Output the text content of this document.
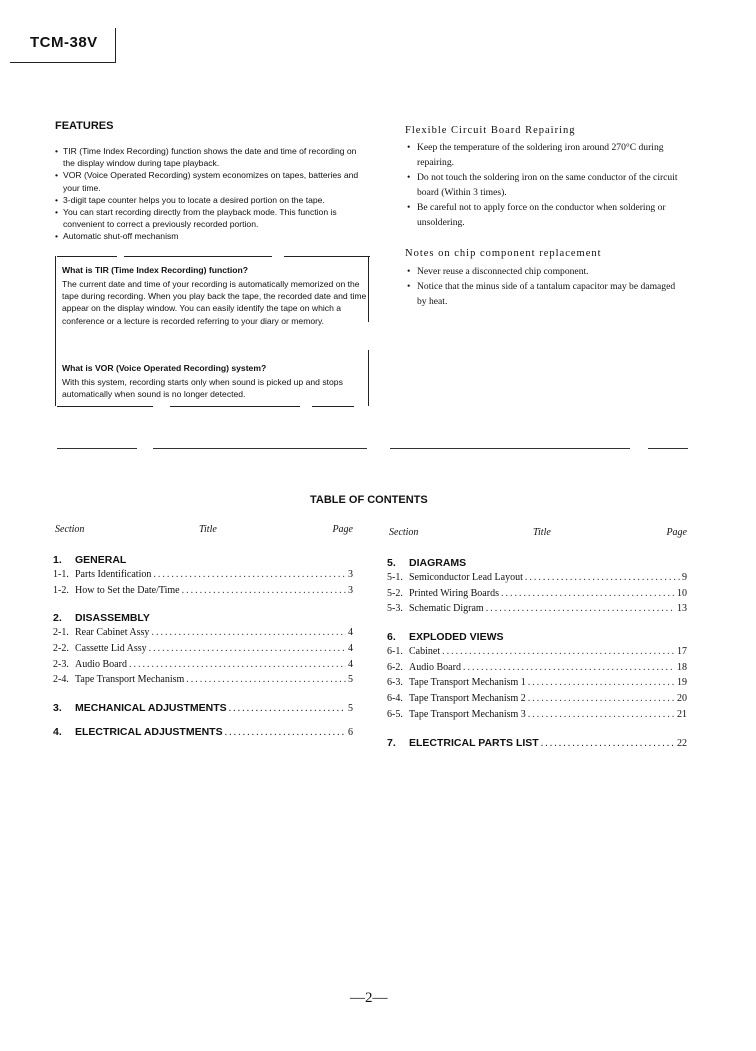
TCM-38V
FEATURES
• TIR (Time Index Recording) function shows the date and time of recording on the display window during tape playback.
• VOR (Voice Operated Recording) system economizes on tapes, batteries and your time.
• 3-digit tape counter helps you to locate a desired portion on the tape.
• You can start recording directly from the playback mode. This function is convenient to correct a previously recorded portion.
• Automatic shut-off mechanism
What is TIR (Time Index Recording) function?
The current date and time of your recording is automatically memorized on the tape during recording. When you play back the tape, the recorded date and time appear on the display window. You can easily identify the tape on which a conference or a lecture is recorded referring to your diary or memory.
What is VOR (Voice Operated Recording) system?
With this system, recording starts only when sound is picked up and stops automatically when sound is no longer detected.
Flexible Circuit Board Repairing
• Keep the temperature of the soldering iron around 270°C during repairing.
• Do not touch the soldering iron on the same conductor of the circuit board (Within 3 times).
• Be careful not to apply force on the conductor when soldering or unsoldering.
Notes on chip component replacement
• Never reuse a disconnected chip component.
• Notice that the minus side of a tantalum capacitor may be damaged by heat.
TABLE OF CONTENTS
Section	Title	Page
1. GENERAL
1-1. Parts Identification .....	3
1-2. How to Set the Date/Time .....	3
2. DISASSEMBLY
2-1. Rear Cabinet Assy .....	4
2-2. Cassette Lid Assy .....	4
2-3. Audio Board .....	4
2-4. Tape Transport Mechanism .....	5
3.	MECHANICAL ADJUSTMENTS .....	5
4.	ELECTRICAL ADJUSTMENTS .....	6
Section	Title	Page
5. DIAGRAMS
5-1. Semiconductor Lead Layout .....	9
5-2. Printed Wiring Boards .....	10
5-3. Schematic Digram .....	13
6. EXPLODED VIEWS
6-1. Cabinet .....	17
6-2. Audio Board .....	18
6-3. Tape Transport Mechanism 1 .....	19
6-4. Tape Transport Mechanism 2 .....	20
6-5. Tape Transport Mechanism 3 .....	21
7.	ELECTRICAL PARTS LIST .....	22
—2—
